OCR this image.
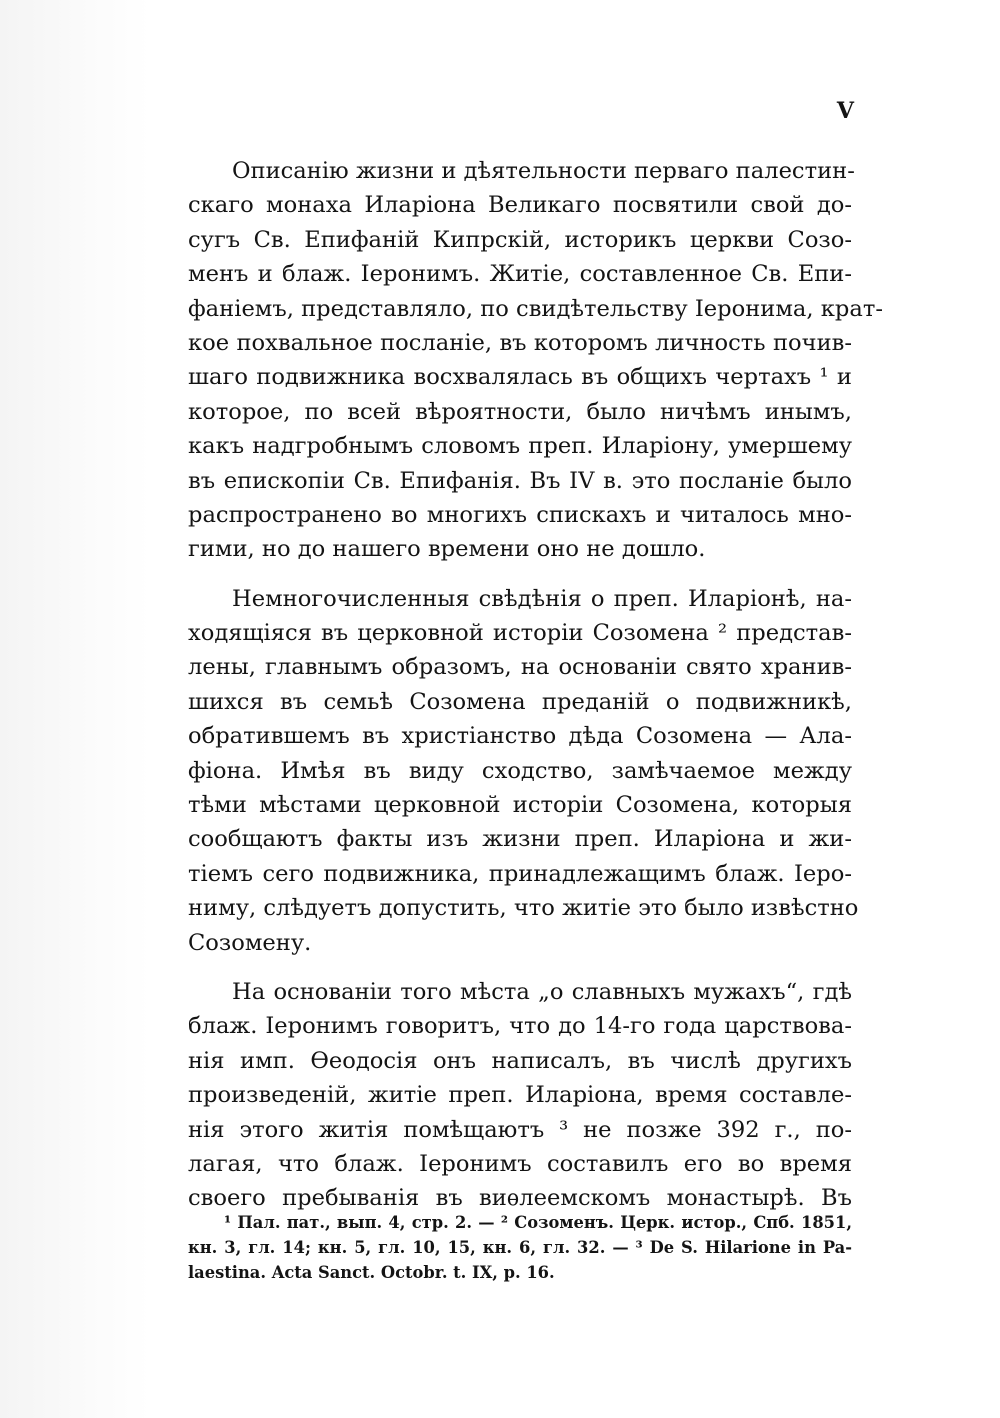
V
Описанію жизни и дѣятельности перваго палестин-
скаго монаха Иларіона Великаго посвятили свой до-
сугъ Св. Епифаній Кипрскій, историкъ церкви Созо-
менъ и блаж. Іеронимъ. Житіе, составленное Св. Епи-
фаніемъ, представляло, по свидѣтельству Іеронима, крат-
кое похвальное посланіе, въ которомъ личность почив-
шаго подвижника восхвалялась въ общихъ чертахъ ¹ и
которое, по всей вѣроятности, было ничѣмъ инымъ,
какъ надгробнымъ словомъ преп. Иларіону, умершему
въ епископіи Св. Епифанія. Въ IV в. это посланіе было
распространено во многихъ спискахъ и читалось мно-
гими, но до нашего времени оно не дошло.
Немногочисленныя свѣдѣнія о преп. Иларіонѣ, на-
ходящіяся въ церковной исторіи Созомена ² представ-
лены, главнымъ образомъ, на основаніи свято хранив-
шихся въ семьѣ Созомена преданій о подвижникѣ,
обратившемъ въ христіанство дѣда Созомена — Ала-
фіона. Имѣя въ виду сходство, замѣчаемое между
тѣми мѣстами церковной исторіи Созомена, которыя
сообщаютъ факты изъ жизни преп. Иларіона и жи-
тіемъ сего подвижника, принадлежащимъ блаж. Іеро-
ниму, слѣдуетъ допустить, что житіе это было извѣстно
Созомену.
На основаніи того мѣста „о славныхъ мужахъ“, гдѣ
блаж. Іеронимъ говоритъ, что до 14-го года царствова-
нія имп. Ѳеодосія онъ написалъ, въ числѣ другихъ
произведеній, житіе преп. Иларіона, время составле-
нія этого житія помѣщаютъ ³ не позже 392 г., по-
лагая, что блаж. Іеронимъ составилъ его во время
своего пребыванія въ виѳлеемскомъ монастырѣ. Въ
¹ Пал. пат., вып. 4, стр. 2. — ² Созоменъ. Церк. истор., Спб. 1851,
кн. 3, гл. 14; кн. 5, гл. 10, 15, кн. 6, гл. 32. — ³ De S. Hilarione in Pa-
laestina. Acta Sanct. Octobr. t. IX, p. 16.
